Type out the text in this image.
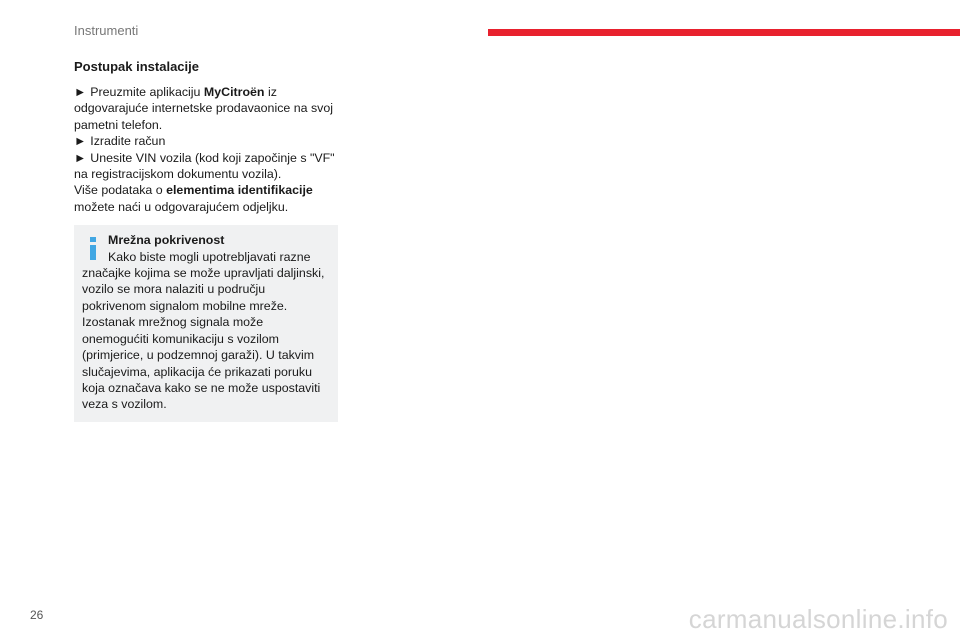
Instrumenti
Postupak instalacije

► Preuzmite aplikaciju MyCitroën iz odgovarajuće internetske prodavaonice na svoj pametni telefon.

► Izradite račun

► Unesite VIN vozila (kod koji započinje s "VF" na registracijskom dokumentu vozila).

Više podataka o elementima identifikacije možete naći u odgovarajućem odjeljku.

Mrežna pokrivenost
Kako biste mogli upotrebljavati razne
značajke kojima se može upravljati daljinski, vozilo se mora nalaziti u području pokrivenom signalom mobilne mreže.
Izostanak mrežnog signala može onemogućiti komunikaciju s vozilom (primjerice, u podzemnoj garaži). U takvim slučajevima, aplikacija će prikazati poruku koja označava kako se ne može uspostaviti veza s vozilom.
26	carmanualsonline.info
